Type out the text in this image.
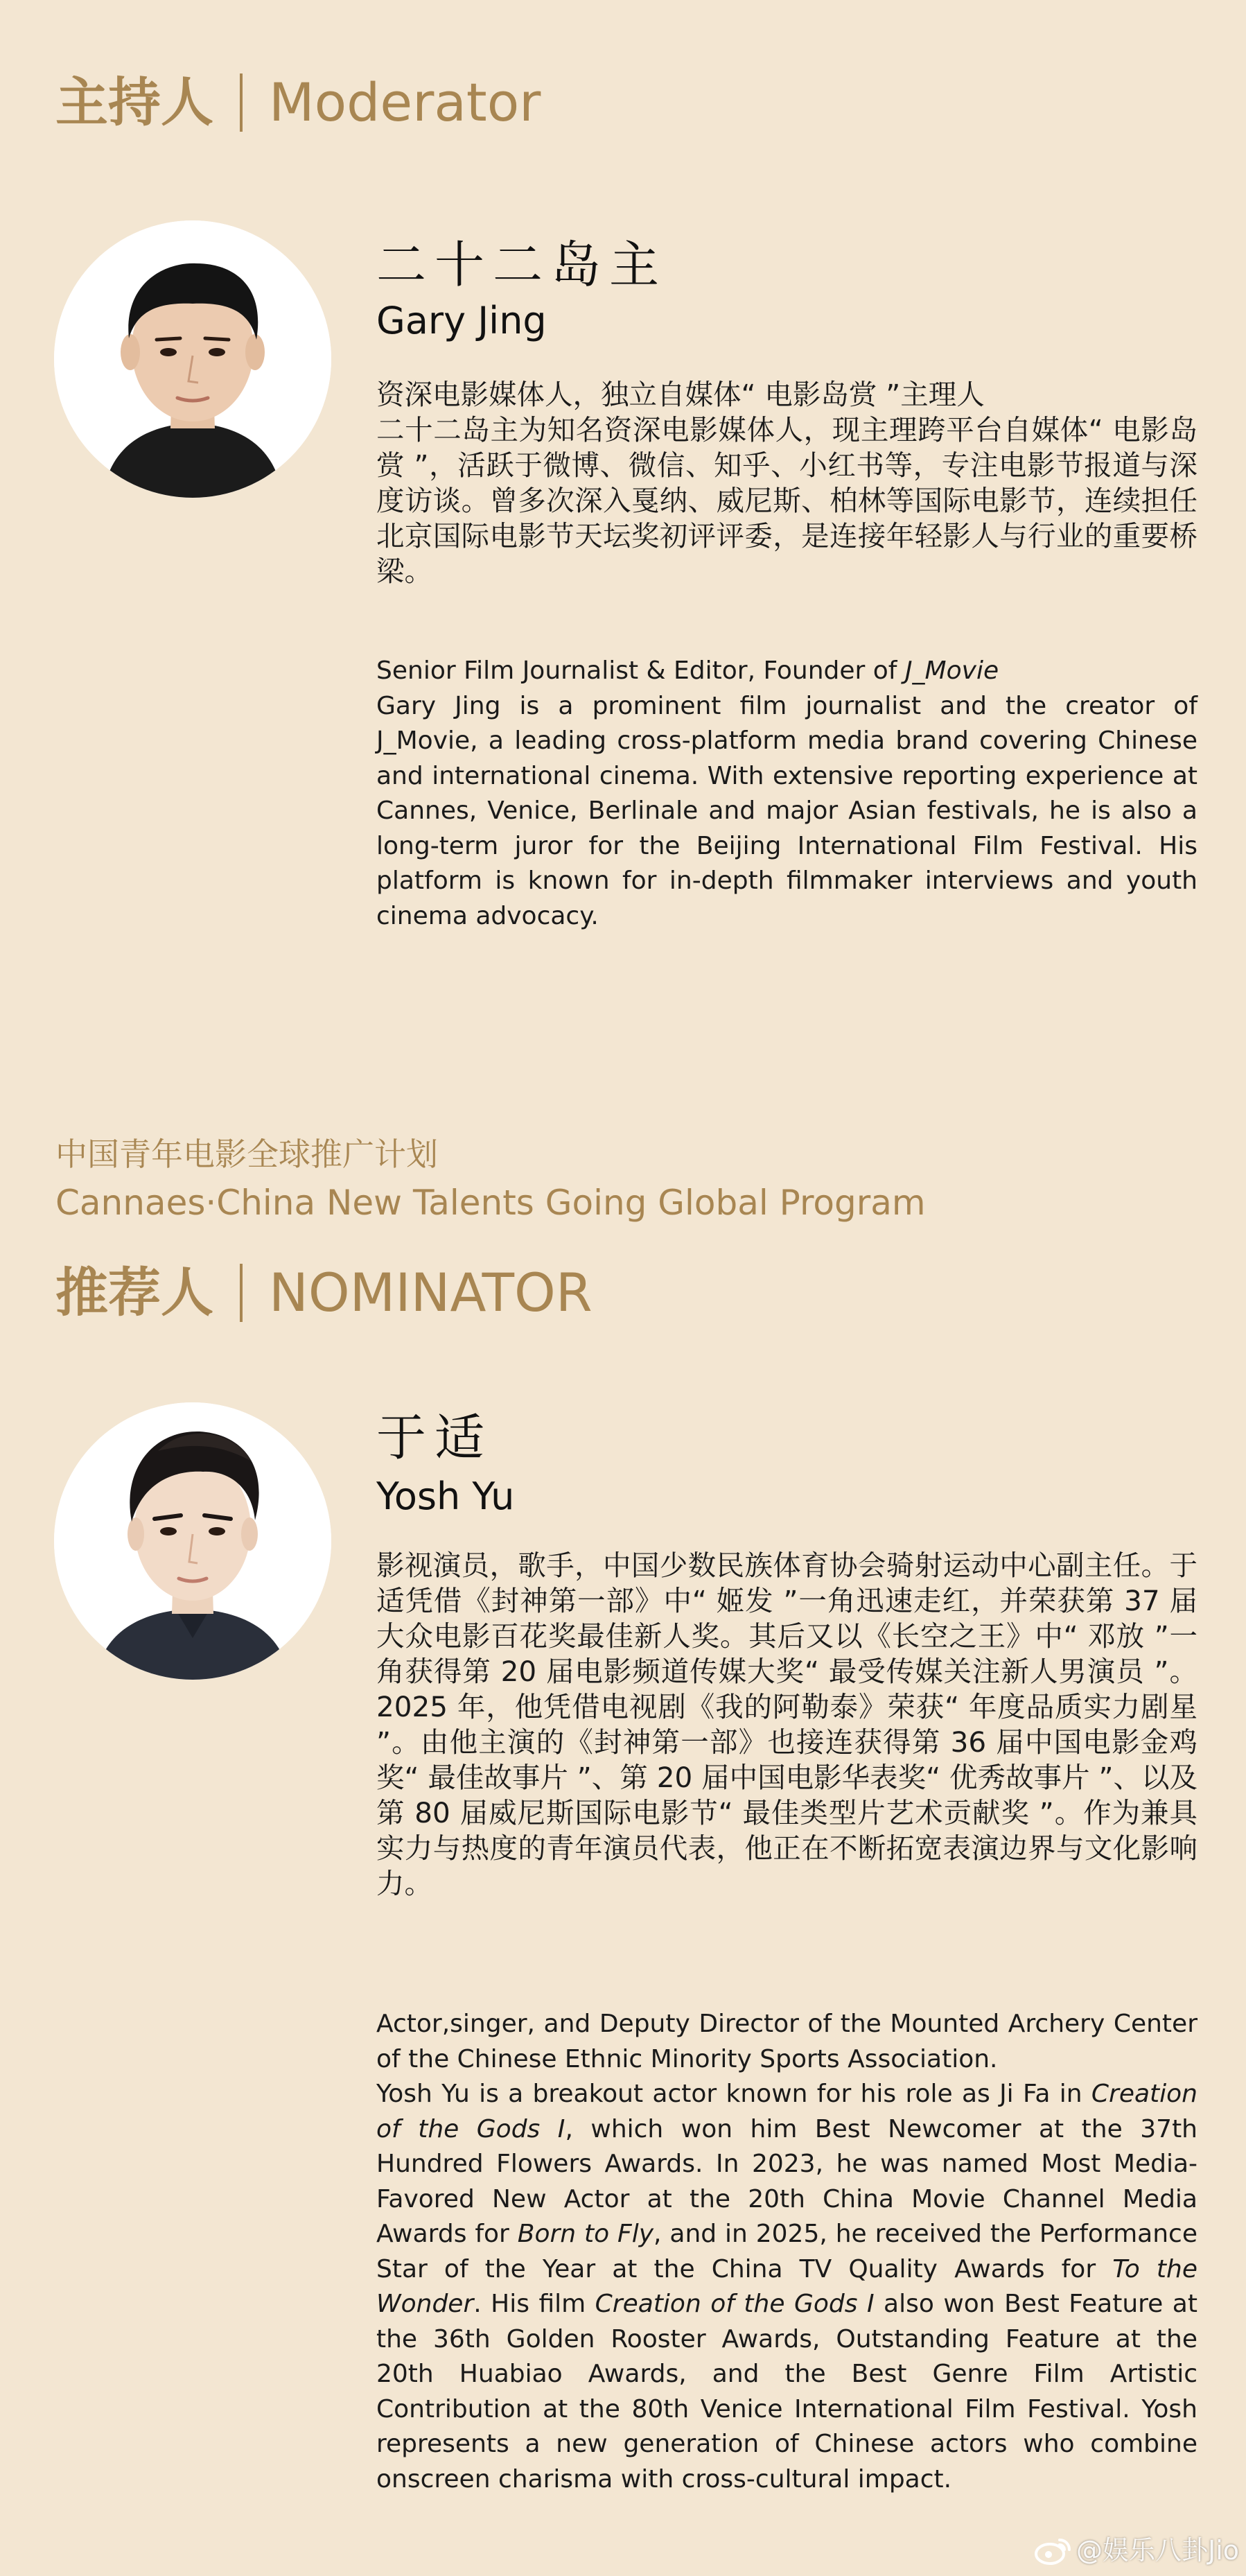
主持人 Moderator
二十二岛主
Gary Jing
资深电影媒体人，独立自媒体“ 电影岛赏 ”主理人

二十二岛主为知名资深电影媒体人，现主理跨平台自媒体“ 电影岛赏 ”，活跃于微博、微信、知乎、小红书等，专注电影节报道与深度访谈。曾多次深入戛纳、威尼斯、柏林等国际电影节，连续担任北京国际电影节天坛奖初评评委，是连接年轻影人与行业的重要桥梁。

Senior Film Journalist & Editor, Founder of J_Movie

Gary Jing is a prominent film journalist and the creator of J_Movie, a leading cross-platform media brand covering Chinese and international cinema. With extensive reporting experience at Cannes, Venice, Berlinale and major Asian festivals, he is also a long-term juror for the Beijing International Film Festival. His platform is known for in-depth filmmaker interviews and youth cinema advocacy.

中国青年电影全球推广计划
Cannaes·China New Talents Going Global Program
推荐人 NOMINATOR
于适
Yosh Yu

影视演员，歌手，中国少数民族体育协会骑射运动中心副主任。于适凭借《封神第一部》中“ 姬发 ”一角迅速走红，并荣获第 37 届大众电影百花奖最佳新人奖。其后又以《长空之王》中“ 邓放 ”一角获得第 20 届电影频道传媒大奖“ 最受传媒关注新人男演员 ”。2025 年，他凭借电视剧《我的阿勒泰》荣获“ 年度品质实力剧星 ”。由他主演的《封神第一部》也接连获得第 36 届中国电影金鸡奖“ 最佳故事片 ”、第 20 届中国电影华表奖“ 优秀故事片 ”、以及第 80 届威尼斯国际电影节“ 最佳类型片艺术贡献奖 ”。作为兼具实力与热度的青年演员代表，他正在不断拓宽表演边界与文化影响力。

Actor,singer, and Deputy Director of the Mounted Archery Center of the Chinese Ethnic Minority Sports Association.

Yosh Yu is a breakout actor known for his role as Ji Fa in Creation of the Gods I, which won him Best Newcomer at the 37th Hundred Flowers Awards. In 2023, he was named Most Media-Favored New Actor at the 20th China Movie Channel Media Awards for Born to Fly, and in 2025, he received the Performance Star of the Year at the China TV Quality Awards for To the Wonder. His film Creation of the Gods I also won Best Feature at the 36th Golden Rooster Awards, Outstanding Feature at the 20th Huabiao Awards, and the Best Genre Film Artistic Contribution at the 80th Venice International Film Festival. Yosh represents a new generation of Chinese actors who combine onscreen charisma with cross-cultural impact.

@娱乐八卦Jio
